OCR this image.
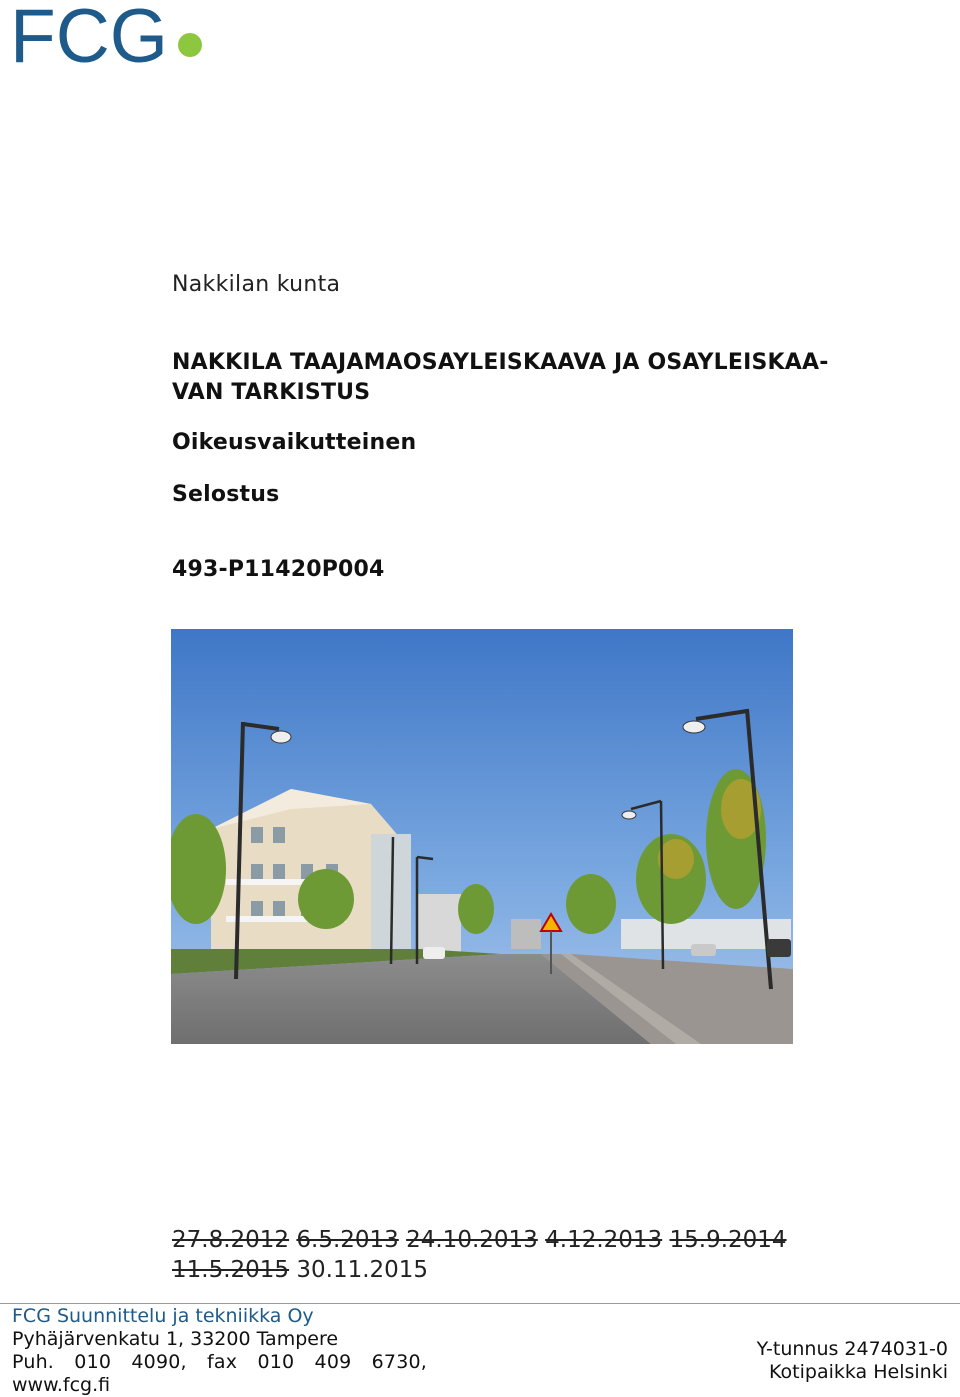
FCG
Nakkilan kunta
NAKKILA TAAJAMAOSAYLEISKAAVA JA OSAYLEISKAA-
VAN TARKISTUS
Oikeusvaikutteinen
Selostus
493-P11420P004
27.8.2012 6.5.2013 24.10.2013 4.12.2013 15.9.2014 11.5.2015 30.11.2015
FCG Suunnittelu ja tekniikka Oy
Pyhäjärvenkatu 1, 33200 Tampere
Puh. 010 4090, fax 010 409 6730,
www.fcg.fi
Y-tunnus 2474031-0
Kotipaikka Helsinki
